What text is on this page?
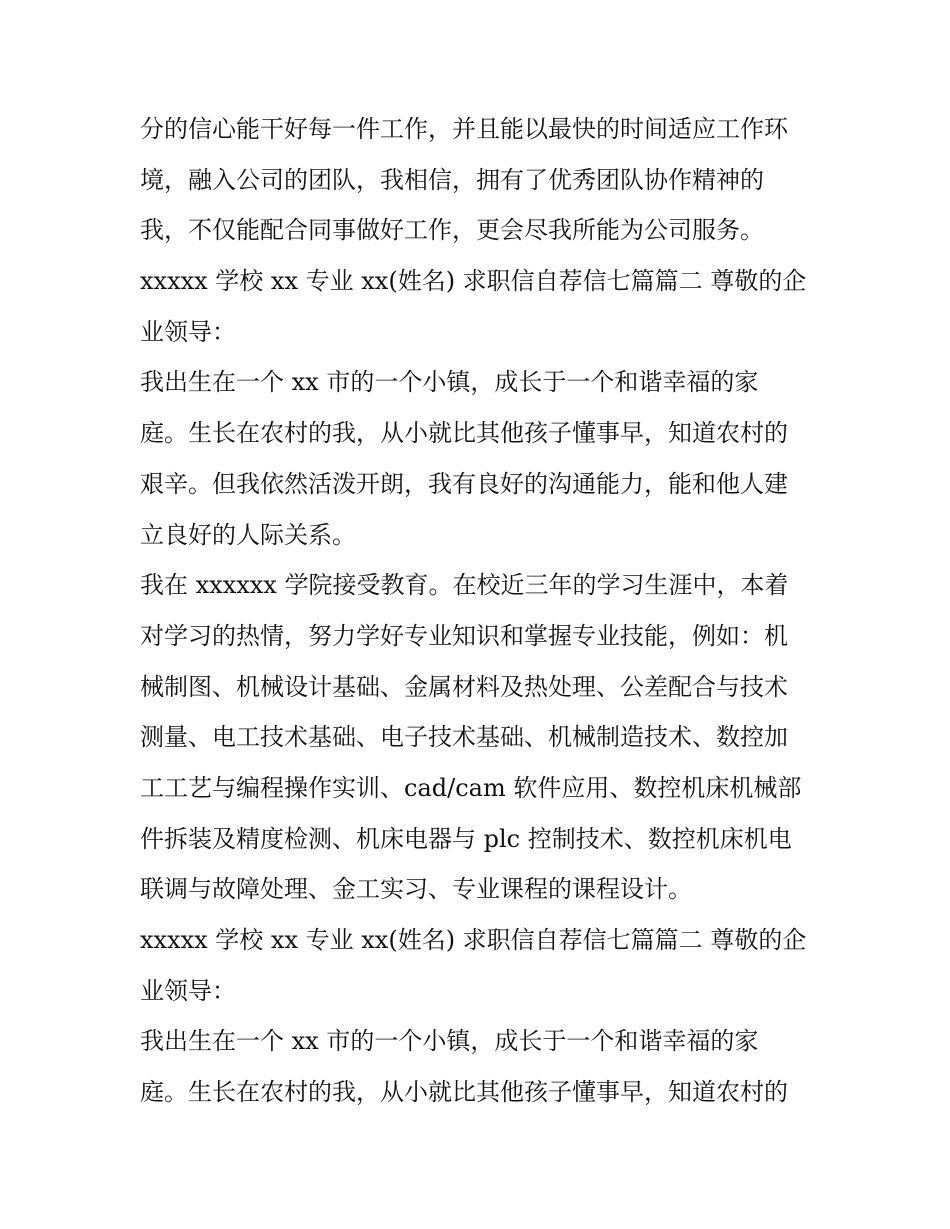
分的信心能干好每一件工作，并且能以最快的时间适应工作环
境，融入公司的团队，我相信，拥有了优秀团队协作精神的
我，不仅能配合同事做好工作，更会尽我所能为公司服务。
xxxxx 学校 xx 专业 xx(姓名) 求职信自荐信七篇篇二 尊敬的企
业领导：
我出生在一个 xx 市的一个小镇，成长于一个和谐幸福的家
庭。生长在农村的我，从小就比其他孩子懂事早，知道农村的
艰辛。但我依然活泼开朗，我有良好的沟通能力，能和他人建
立良好的人际关系。
我在 xxxxxx 学院接受教育。在校近三年的学习生涯中，本着
对学习的热情，努力学好专业知识和掌握专业技能，例如：机
械制图、机械设计基础、金属材料及热处理、公差配合与技术
测量、电工技术基础、电子技术基础、机械制造技术、数控加
工工艺与编程操作实训、cad/cam 软件应用、数控机床机械部
件拆装及精度检测、机床电器与 plc 控制技术、数控机床机电
联调与故障处理、金工实习、专业课程的课程设计。
xxxxx 学校 xx 专业 xx(姓名) 求职信自荐信七篇篇二 尊敬的企
业领导：
我出生在一个 xx 市的一个小镇，成长于一个和谐幸福的家
庭。生长在农村的我，从小就比其他孩子懂事早，知道农村的
